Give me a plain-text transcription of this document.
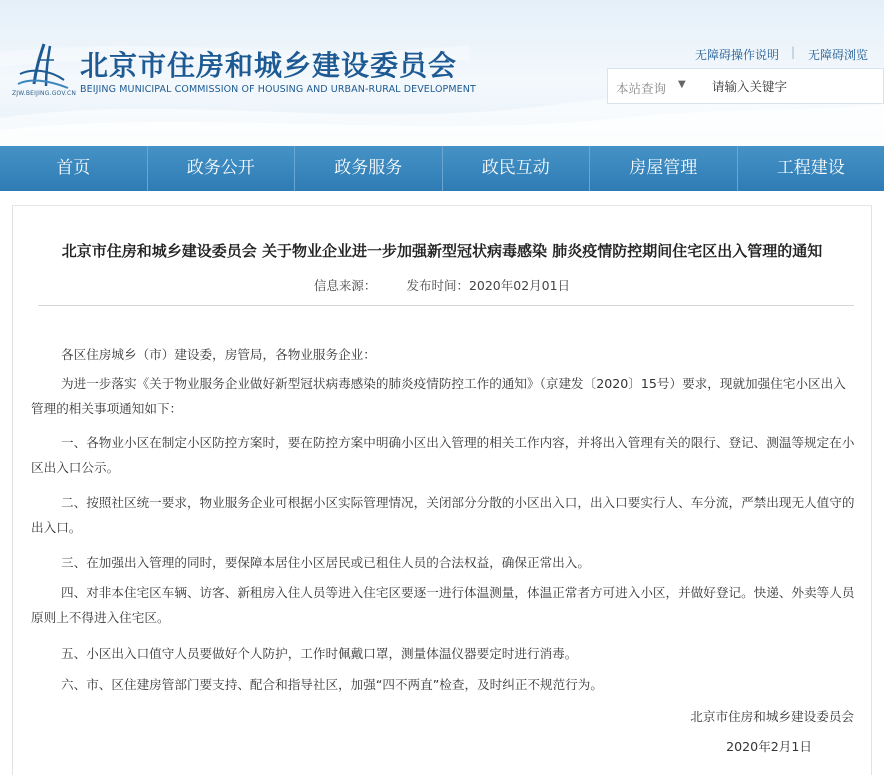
ZJW.BEIJING.GOV.CN
北京市住房和城乡建设委员会
BEIJING MUNICIPAL COMMISSION OF HOUSING AND URBAN-RURAL DEVELOPMENT
无障碍操作说明 | 无障碍浏览
本站查询 ▼
请输入关键字
首页	政务公开	政务服务	政民互动	房屋管理	工程建设
北京市住房和城乡建设委员会 关于物业企业进一步加强新型冠状病毒感染 肺炎疫情防控期间住宅区出入管理的通知
信息来源： 发布时间：2020年02月01日

各区住房城乡（市）建设委，房管局，各物业服务企业：

为进一步落实《关于物业服务企业做好新型冠状病毒感染的肺炎疫情防控工作的通知》（京建发〔2020〕15号）要求，现就加强住宅小区出入管理的相关事项通知如下：

一、各物业小区在制定小区防控方案时，要在防控方案中明确小区出入管理的相关工作内容，并将出入管理有关的限行、登记、测温等规定在小区出入口公示。

二、按照社区统一要求，物业服务企业可根据小区实际管理情况，关闭部分分散的小区出入口，出入口要实行人、车分流，严禁出现无人值守的出入口。

三、在加强出入管理的同时，要保障本居住小区居民或已租住人员的合法权益，确保正常出入。

四、对非本住宅区车辆、访客、新租房入住人员等进入住宅区要逐一进行体温测量，体温正常者方可进入小区，并做好登记。快递、外卖等人员原则上不得进入住宅区。

五、小区出入口值守人员要做好个人防护，工作时佩戴口罩，测量体温仪器要定时进行消毒。

六、市、区住建房管部门要支持、配合和指导社区，加强“四不两直”检查，及时纠正不规范行为。

北京市住房和城乡建设委员会
2020年2月1日
